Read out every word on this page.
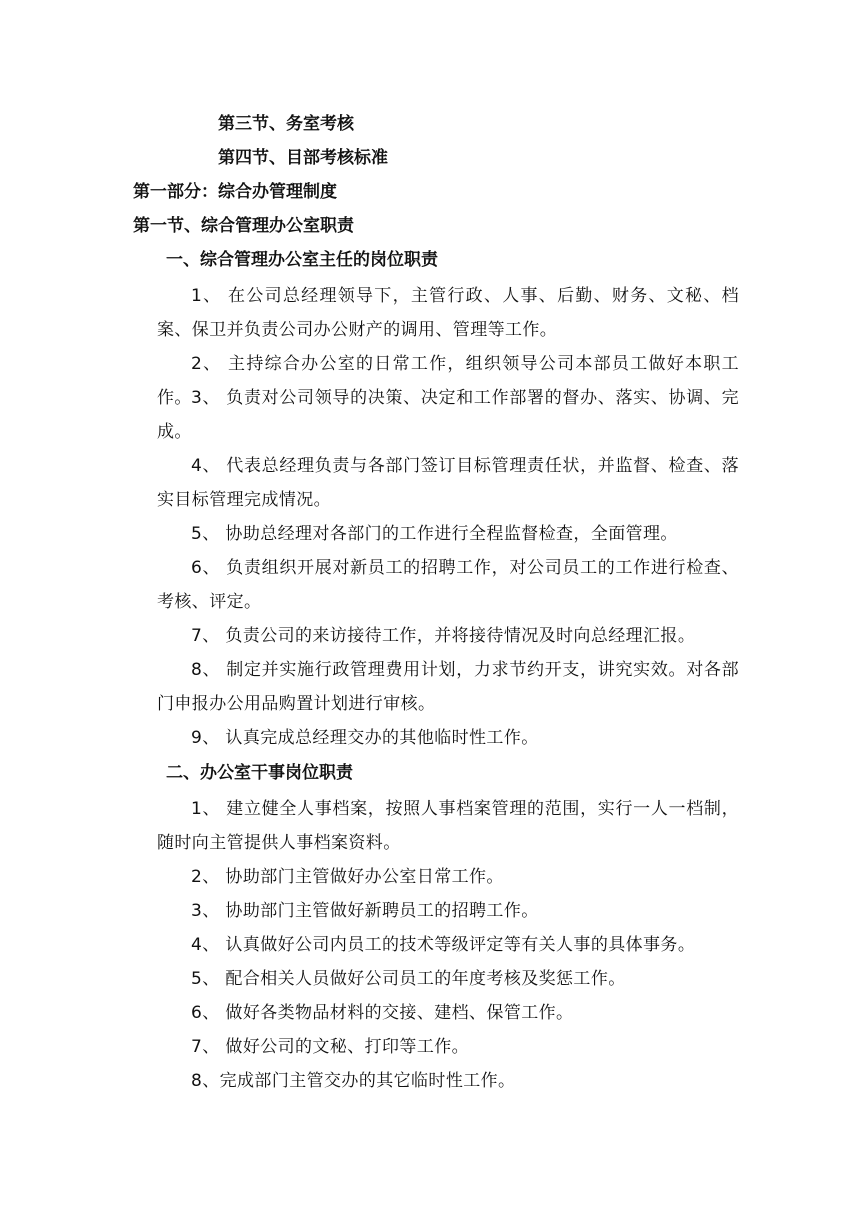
第三节、务室考核
第四节、目部考核标准
第一部分：综合办管理制度
第一节、综合管理办公室职责
一、综合管理办公室主任的岗位职责
1、 在公司总经理领导下，主管行政、人事、后勤、财务、文秘、档案、保卫并负责公司办公财产的调用、管理等工作。
2、 主持综合办公室的日常工作，组织领导公司本部员工做好本职工作。 3、 负责对公司领导的决策、决定和工作部署的督办、落实、协调、完成。
4、 代表总经理负责与各部门签订目标管理责任状，并监督、检查、落实目标管理完成情况。
5、 协助总经理对各部门的工作进行全程监督检查，全面管理。
6、 负责组织开展对新员工的招聘工作，对公司员工的工作进行检查、考核、评定。
7、 负责公司的来访接待工作，并将接待情况及时向总经理汇报。
8、 制定并实施行政管理费用计划，力求节约开支，讲究实效。对各部门申报办公用品购置计划进行审核。
9、 认真完成总经理交办的其他临时性工作。
二、办公室干事岗位职责
1、 建立健全人事档案，按照人事档案管理的范围，实行一人一档制，随时向主管提供人事档案资料。
2、 协助部门主管做好办公室日常工作。
3、 协助部门主管做好新聘员工的招聘工作。
4、 认真做好公司内员工的技术等级评定等有关人事的具体事务。
5、 配合相关人员做好公司员工的年度考核及奖惩工作。
6、 做好各类物品材料的交接、建档、保管工作。
7、 做好公司的文秘、打印等工作。
8、完成部门主管交办的其它临时性工作。
